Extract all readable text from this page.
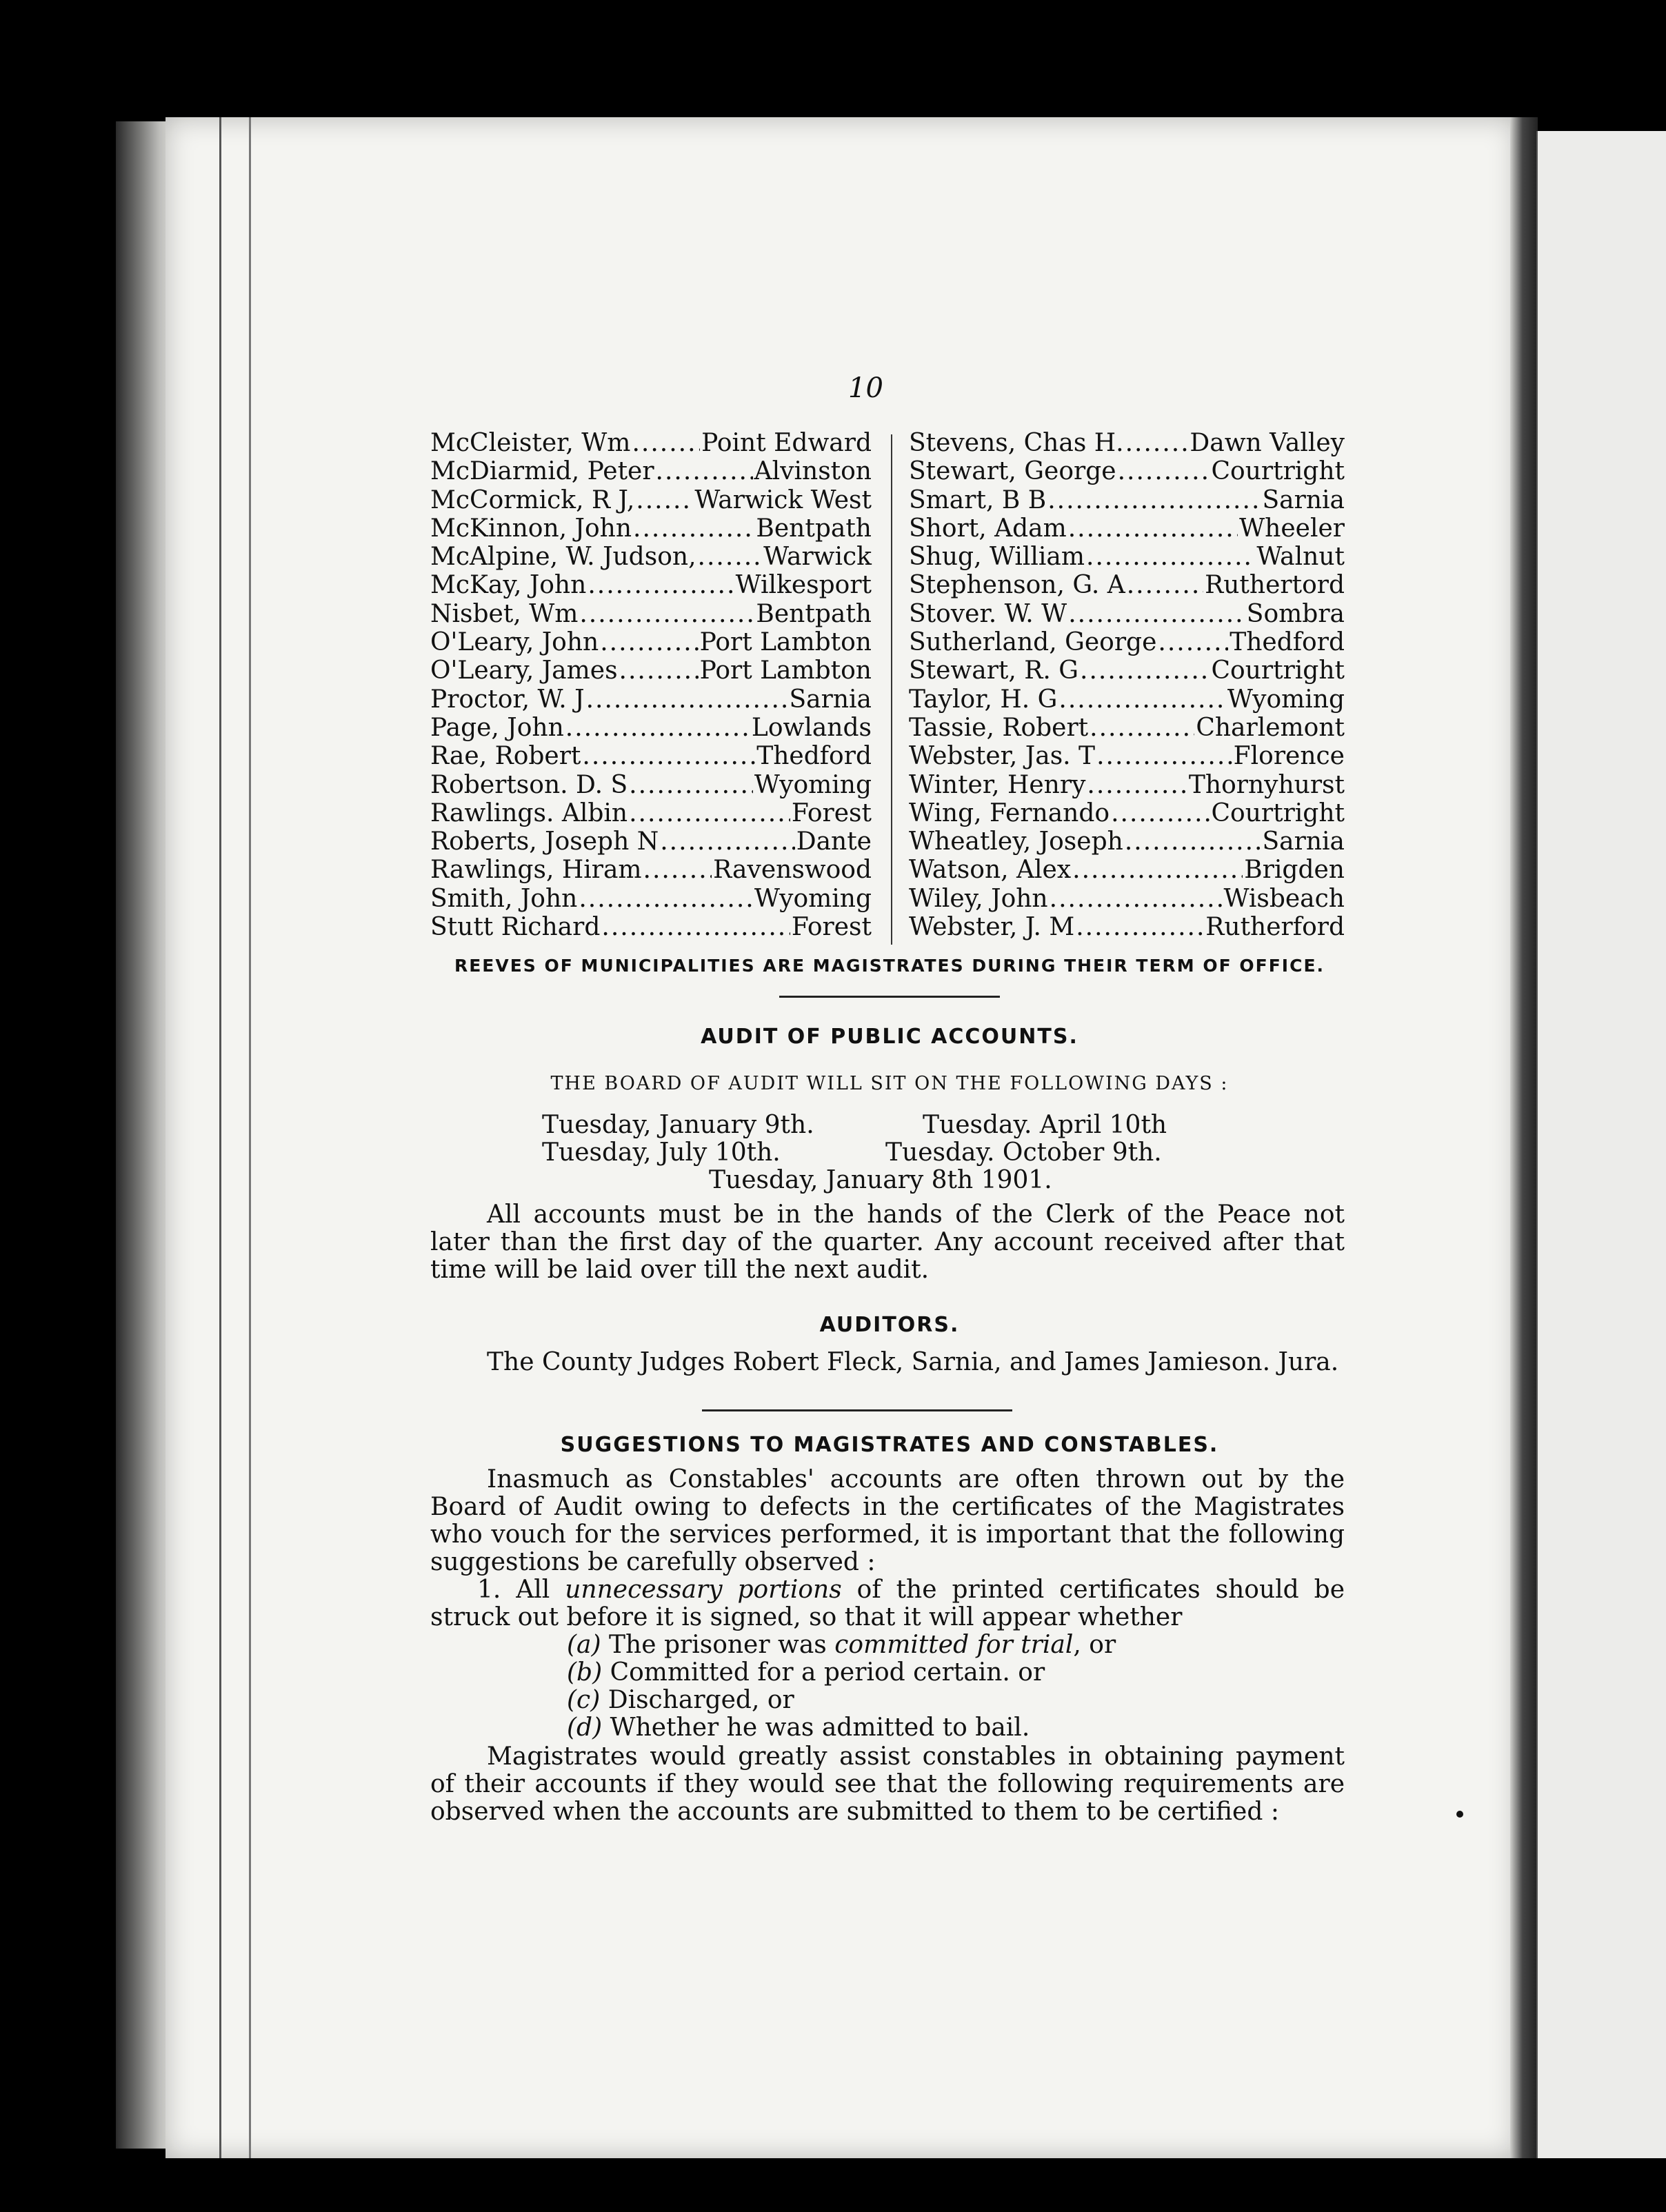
10
McCleister, Wm .....	Point Edward
McDiarmid, Peter .....	Alvinston
McCormick, R J, ..... Warwick West
McKinnon, John .....	Bentpath
McAlpine, W. Judson, .....	Warwick
McKay, John .....	Wilkesport
Nisbet, Wm .....	Bentpath
O'Leary, John .....	Port Lambton
O'Leary, James .....	Port Lambton
Proctor, W. J .....	Sarnia
Page, John .....	Lowlands
Rae, Robert .....	Thedford
Robertson. D. S .....	Wyoming
Rawlings. Albin .....	Forest
Roberts, Joseph N .....	Dante
Rawlings, Hiram .....	Ravenswood
Smith, John .....	Wyoming
Stutt Richard .....	Forest
Stevens, Chas H. .....	Dawn Valley
Stewart, George .....	Courtright
Smart, B B .....	Sarnia
Short, Adam .....	Wheeler
Shug, William .....	Walnut
Stephenson, G. A .....	Ruthertord
Stover. W. W .....	Sombra
Sutherland, George .....	Thedford
Stewart, R. G .....	Courtright
Taylor, H. G .....	Wyoming
Tassie, Robert .....	Charlemont
Webster, Jas. T .....	Florence
Winter, Henry .....	Thornyhurst
Wing, Fernando .....	Courtright
Wheatley, Joseph .....	Sarnia
Watson, Alex .....	Brigden
Wiley, John .....	Wisbeach
Webster, J. M .....	Rutherford
REEVES OF MUNICIPALITIES ARE MAGISTRATES DURING THEIR TERM OF OFFICE.
AUDIT OF PUBLIC ACCOUNTS.
THE BOARD OF AUDIT WILL SIT ON THE FOLLOWING DAYS :
Tuesday, January 9th.	Tuesday. April 10th
Tuesday, July 10th.	Tuesday. October 9th.
Tuesday, January 8th 1901.
All accounts must be in the hands of the Clerk of the Peace not later than the first day of the quarter. Any account received after that time will be laid over till the next audit.
AUDITORS.
The County Judges Robert Fleck, Sarnia, and James Jamieson. Jura.
SUGGESTIONS TO MAGISTRATES AND CONSTABLES.
Inasmuch as Constables' accounts are often thrown out by the Board of Audit owing to defects in the certificates of the Magistrates who vouch for the services performed, it is important that the following suggestions be carefully observed :
1. All unnecessary portions of the printed certificates should be struck out before it is signed, so that it will appear whether
(a) The prisoner was committed for trial, or
(b) Committed for a period certain. or
(c) Discharged, or
(d) Whether he was admitted to bail.
Magistrates would greatly assist constables in obtaining payment of their accounts if they would see that the following requirements are observed when the accounts are submitted to them to be certified :
